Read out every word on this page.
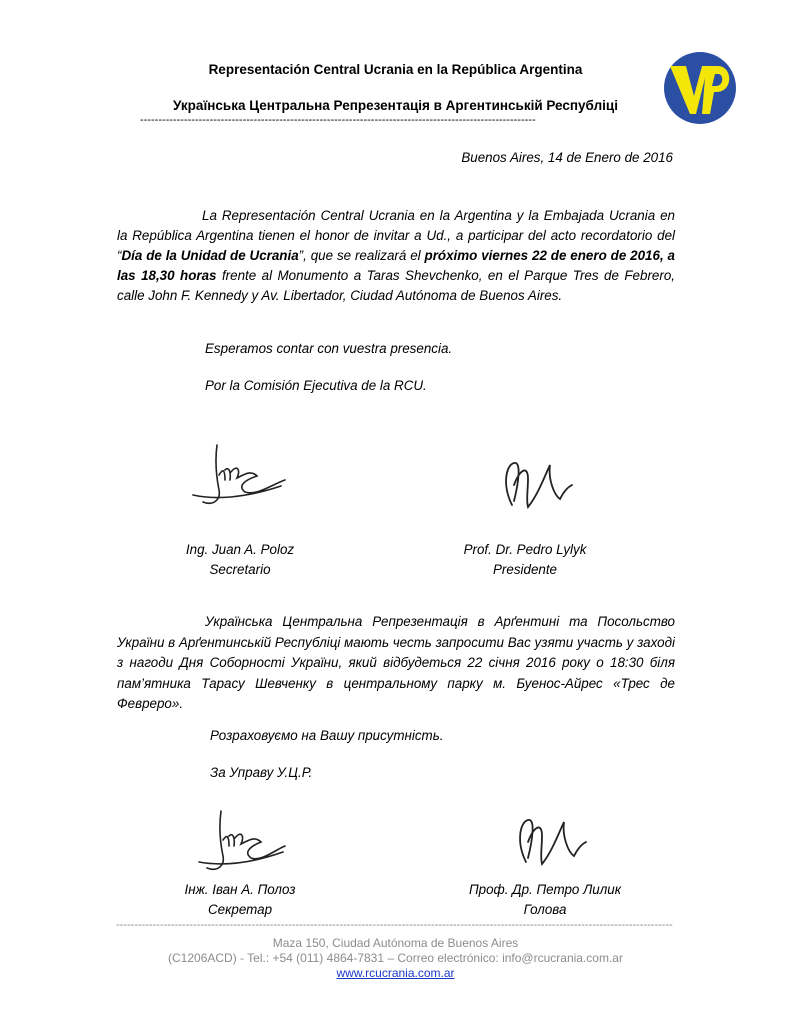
Representación Central Ucrania en la República Argentina
Українська Центральна Репрезентація в Аргентинській Республіці
------------------------------------------------------------------------------------------------------------
Buenos Aires, 14 de Enero de 2016
La Representación Central Ucrania en la Argentina y la Embajada Ucrania en la República Argentina tienen el honor de invitar a Ud., a participar del acto recordatorio del “Día de la Unidad de Ucrania”, que se realizará el próximo viernes 22 de enero de 2016, a las 18,30 horas frente al Monumento a Taras Shevchenko, en el Parque Tres de Febrero, calle John F. Kennedy y Av. Libertador, Ciudad Autónoma de Buenos Aires.
Esperamos contar con vuestra presencia.
Por la Comisión Ejecutiva de la RCU.
Ing. Juan A. Poloz
Secretario
Prof. Dr. Pedro Lylyk
Presidente
Українська Центральна Репрезентація в Арґентині та Посольство України в Арґентинській Республіці мають честь запросити Вас узяти участь у заході з нагоди Дня Соборності України, який відбудеться 22 січня 2016 року о 18:30 біля пам’ятника Тарасу Шевченку в центральному парку м. Буенос-Айрес «Трес де Февреро».
Розраховуємо на Вашу присутність.
За Управу У.Ц.Р.
Інж. Іван А. Полоз
Секретар
Проф. Др. Петро Лилик
Голова
--------------------------------------------------------------------------------------------------------------------------------------------------------
Maza 150, Ciudad Autónoma de Buenos Aires
(C1206ACD) - Tel.: +54 (011) 4864-7831 – Correo electrónico: info@rcucrania.com.ar
www.rcucrania.com.ar
